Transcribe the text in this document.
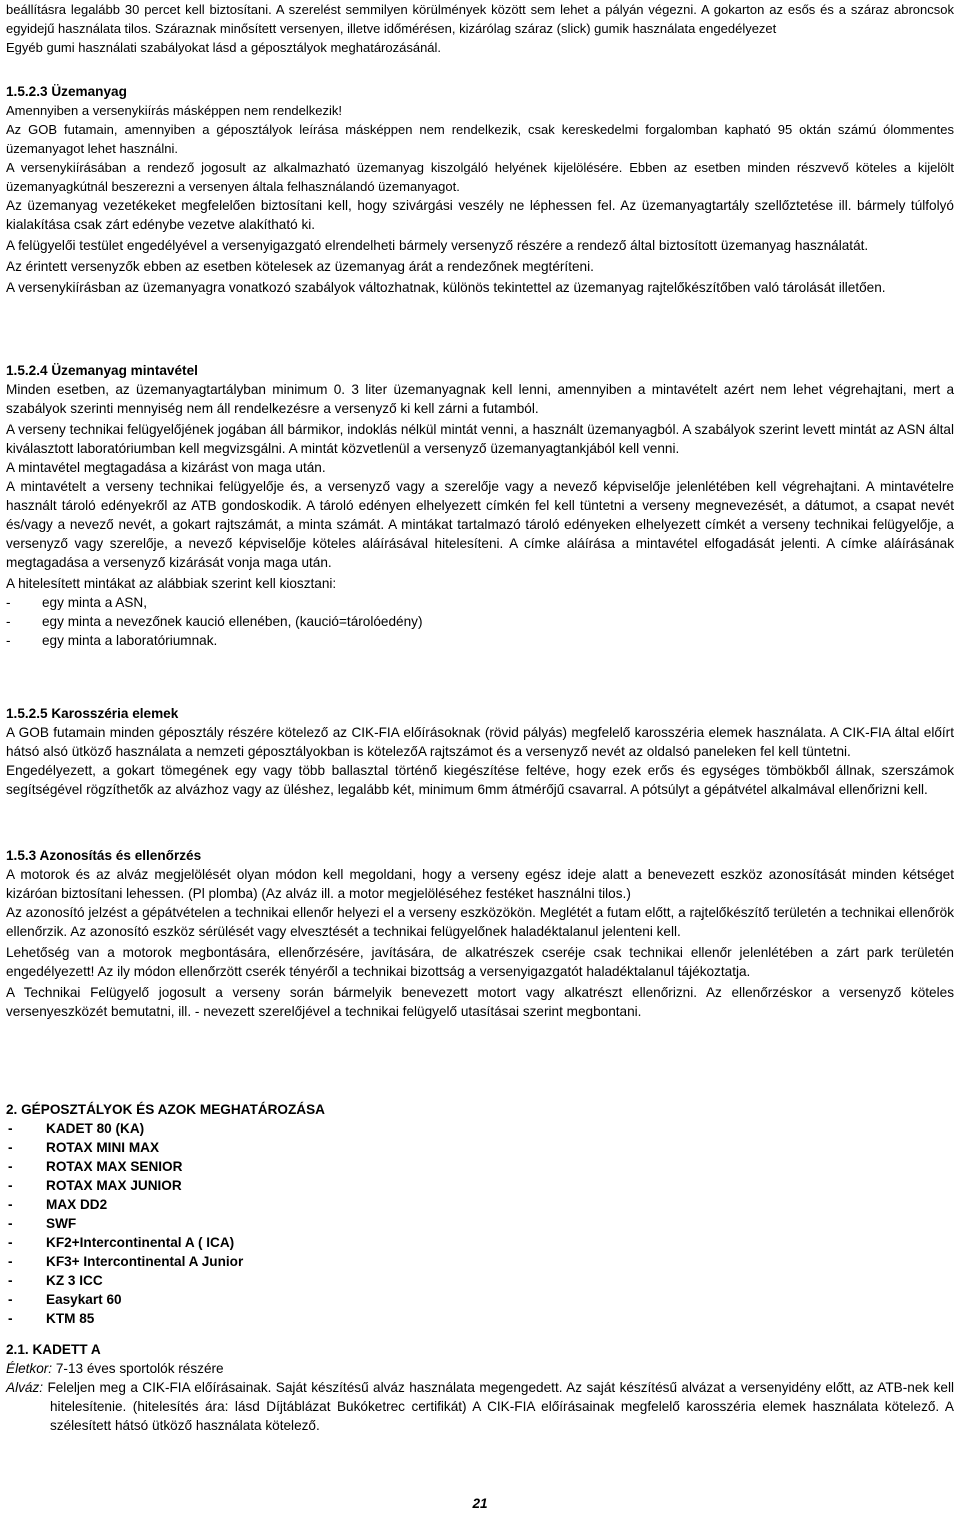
beállításra legalább 30 percet kell biztosítani. A szerelést semmilyen körülmények között sem lehet a pályán végezni. A gokarton az esős és a száraz abroncsok egyidejű használata tilos. Száraznak minősített versenyen, illetve időmérésen, kizárólag száraz (slick) gumik használata engedélyezet

Egyéb gumi használati szabályokat lásd a géposztályok meghatározásánál.

1.5.2.3 Üzemanyag

Amennyiben a versenykiírás másképpen nem rendelkezik!

Az GOB futamain, amennyiben a géposztályok leírása másképpen nem rendelkezik, csak kereskedelmi forgalomban kapható 95 oktán számú ólommentes üzemanyagot lehet használni.

A versenykiírásában a rendező jogosult az alkalmazható üzemanyag kiszolgáló helyének kijelölésére. Ebben az esetben minden részvevő köteles a kijelölt üzemanyagkútnál beszerezni a versenyen általa felhasználandó üzemanyagot.

Az üzemanyag vezetékeket megfelelően biztosítani kell, hogy szivárgási veszély ne léphessen fel. Az üzemanyagtartály szellőztetése ill. bármely túlfolyó kialakítása csak zárt edénybe vezetve alakítható ki.

A felügyelői testület engedélyével a versenyigazgató elrendelheti bármely versenyző részére a rendező által biztosított üzemanyag használatát.

Az érintett versenyzők ebben az esetben kötelesek az üzemanyag árát a rendezőnek megtéríteni.

A versenykiírásban az üzemanyagra vonatkozó szabályok változhatnak, különös tekintettel az üzemanyag rajtelőkészítőben való tárolását illetően.

1.5.2.4 Üzemanyag mintavétel

Minden esetben, az üzemanyagtartályban minimum 0. 3 liter üzemanyagnak kell lenni, amennyiben a mintavételt azért nem lehet végrehajtani, mert a szabályok szerinti mennyiség nem áll rendelkezésre a versenyző ki kell zárni a futamból.

A verseny technikai felügyelőjének jogában áll bármikor, indoklás nélkül mintát venni, a használt üzemanyagból. A szabályok szerint levett mintát az ASN által kiválasztott laboratóriumban kell megvizsgálni. A mintát közvetlenül a versenyző üzemanyagtankjából kell venni.

A mintavétel megtagadása a kizárást von maga után.

A mintavételt a verseny technikai felügyelője és, a versenyző vagy a szerelője vagy a nevező képviselője jelenlétében kell végrehajtani. A mintavételre használt tároló edényekről az ATB gondoskodik. A tároló edényen elhelyezett címkén fel kell tüntetni a verseny megnevezését, a dátumot, a csapat nevét és/vagy a nevező nevét, a gokart rajtszámát, a minta számát. A mintákat tartalmazó tároló edényeken elhelyezett címkét a verseny technikai felügyelője, a versenyző vagy szerelője, a nevező képviselője köteles aláírásával hitelesíteni. A címke aláírása a mintavétel elfogadását jelenti. A címke aláírásának megtagadása a versenyző kizárását vonja maga után.

A hitelesített mintákat az alábbiak szerint kell kiosztani:

-	egy minta a ASN,
-	egy minta a nevezőnek kaució ellenében, (kaució=tárolóedény)
-	egy minta a laboratóriumnak.

1.5.2.5 Karosszéria elemek

A GOB futamain minden géposztály részére kötelező az CIK-FIA előírásoknak (rövid pályás) megfelelő karosszéria elemek használata. A CIK-FIA által előírt hátsó alsó ütköző használata a nemzeti géposztályokban is kötelezőA rajtszámot és a versenyző nevét az oldalsó paneleken fel kell tüntetni.

Engedélyezett, a gokart tömegének egy vagy több ballasztal történő kiegészítése feltéve, hogy ezek erős és egységes tömbökből állnak, szerszámok segítségével rögzíthetők az alvázhoz vagy az üléshez, legalább két, minimum 6mm átmérőjű csavarral. A pótsúlyt a gépátvétel alkalmával ellenőrizni kell.

1.5.3 Azonosítás és ellenőrzés

A motorok és az alváz megjelölését olyan módon kell megoldani, hogy a verseny egész ideje alatt a benevezett eszköz azonosítását minden kétséget kizáróan biztosítani lehessen. (Pl plomba) (Az alváz ill. a motor megjelöléséhez festéket használni tilos.)

Az azonosító jelzést a gépátvételen a technikai ellenőr helyezi el a verseny eszközökön. Meglétét a futam előtt, a rajtelőkészítő területén a technikai ellenőrök ellenőrzik. Az azonosító eszköz sérülését vagy elvesztését a technikai felügyelőnek haladéktalanul jelenteni kell.

Lehetőség van a motorok megbontására, ellenőrzésére, javítására, de alkatrészek cseréje csak technikai ellenőr jelenlétében a zárt park területén engedélyezett! Az ily módon ellenőrzött cserék tényéről a technikai bizottság a versenyigazgatót haladéktalanul tájékoztatja.

A Technikai Felügyelő jogosult a verseny során bármelyik benevezett motort vagy alkatrészt ellenőrizni. Az ellenőrzéskor a versenyző köteles versenyeszközét bemutatni, ill. - nevezett szerelőjével a technikai felügyelő utasításai szerint megbontani.

2. GÉPOSZTÁLYOK ÉS AZOK MEGHATÁROZÁSA

-	KADET 80 (KA)
-	ROTAX MINI MAX
-	ROTAX MAX SENIOR
-	ROTAX MAX JUNIOR
-	MAX DD2
-	SWF
-	KF2+Intercontinental A ( ICA)
-	KF3+ Intercontinental A Junior
-	KZ 3 ICC
-	Easykart 60
-	KTM 85

2.1. KADETT A

Életkor: 7-13 éves sportolók részére

Alváz: Feleljen meg a CIK-FIA előírásainak. Saját készítésű alváz használata megengedett. Az saját készítésű alvázat a versenyidény előtt, az ATB-nek kell hitelesítenie. (hitelesítés ára: lásd Díjtáblázat Bukóketrec certifikát) A CIK-FIA előírásainak megfelelő karosszéria elemek használata kötelező. A szélesített hátsó ütköző használata kötelező.

21
